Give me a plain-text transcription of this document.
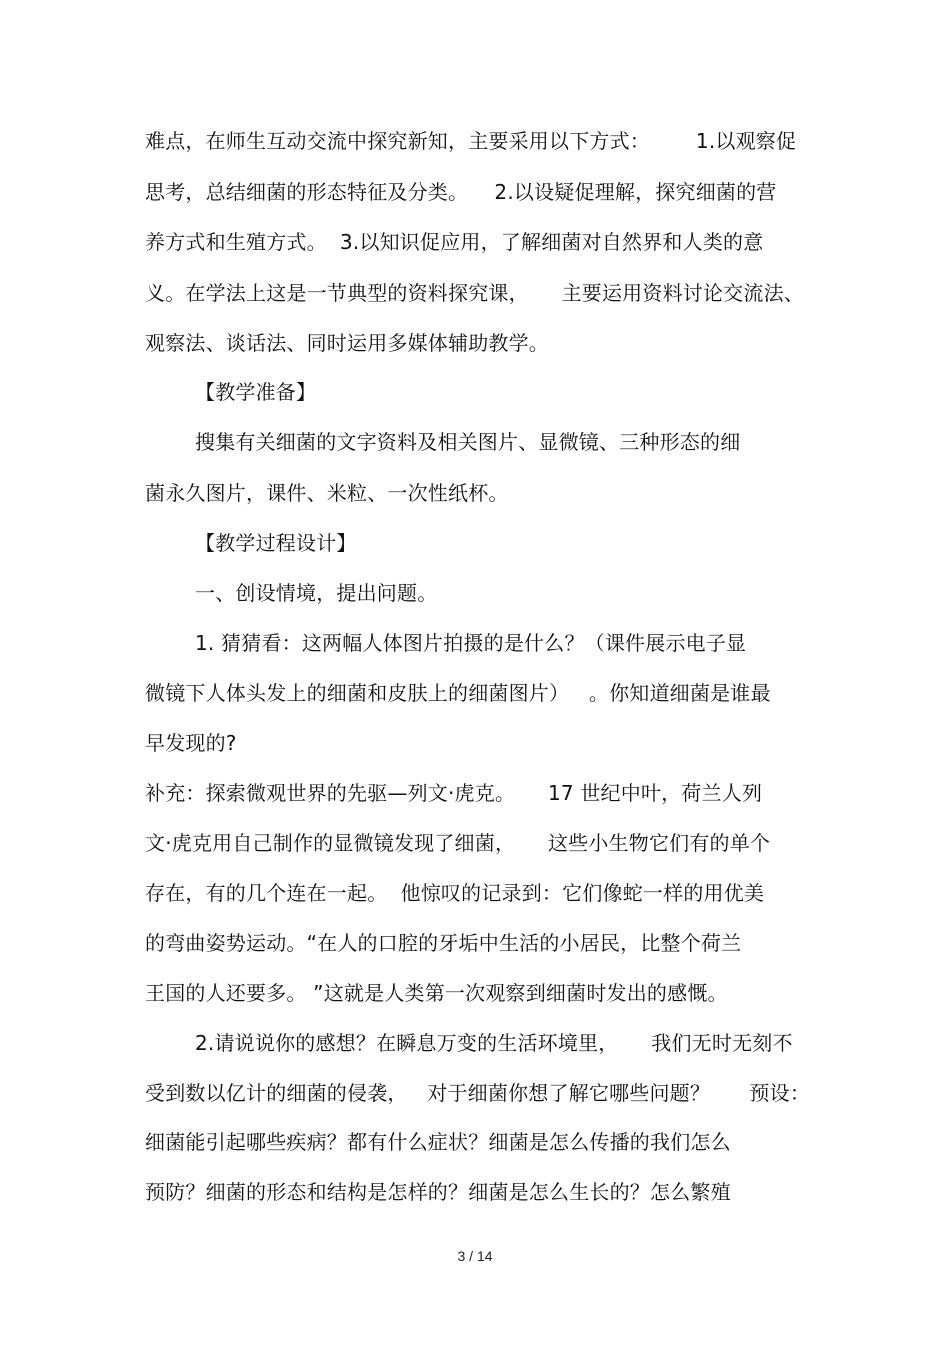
难点，在师生互动交流中探究新知，主要采用以下方式：       1.以观察促
思考，总结细菌的形态特征及分类。    2.以设疑促理解，探究细菌的营
养方式和生殖方式。  3.以知识促应用，了解细菌对自然界和人类的意
义。在学法上这是一节典型的资料探究课，     主要运用资料讨论交流法、
观察法、谈话法、同时运用多媒体辅助教学。
【教学准备】
搜集有关细菌的文字资料及相关图片、显微镜、三种形态的细
菌永久图片，课件、米粒、一次性纸杯。
【教学过程设计】
一、创设情境，提出问题。
1. 猜猜看：这两幅人体图片拍摄的是什么？（课件展示电子显
微镜下人体头发上的细菌和皮肤上的细菌图片）   。你知道细菌是谁最
早发现的?
补充：探索微观世界的先驱—列文·虎克。     17 世纪中叶，荷兰人列
文·虎克用自己制作的显微镜发现了细菌，     这些小生物它们有的单个
存在，有的几个连在一起。  他惊叹的记录到：它们像蛇一样的用优美
的弯曲姿势运动。“在人的口腔的牙垢中生活的小居民，比整个荷兰
王国的人还要多。 ”这就是人类第一次观察到细菌时发出的感慨。
2.请说说你的感想？在瞬息万变的生活环境里，     我们无时无刻不
受到数以亿计的细菌的侵袭，   对于细菌你想了解它哪些问题？      预设：
细菌能引起哪些疾病？都有什么症状？细菌是怎么传播的我们怎么
预防？细菌的形态和结构是怎样的？细菌是怎么生长的？怎么繁殖
3 / 14
